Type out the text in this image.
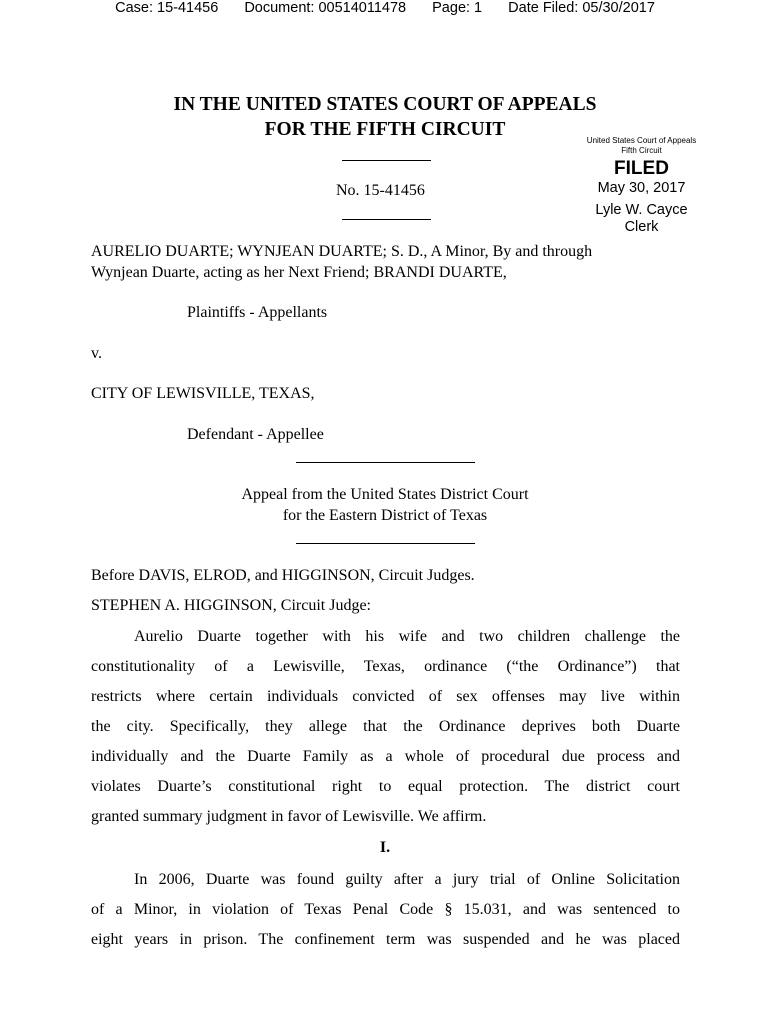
Case: 15-41456 Document: 00514011478 Page: 1 Date Filed: 05/30/2017
IN THE UNITED STATES COURT OF APPEALS
FOR THE FIFTH CIRCUIT
United States Court of Appeals
Fifth Circuit
FILED
May 30, 2017
Lyle W. Cayce
Clerk
No. 15-41456
AURELIO DUARTE; WYNJEAN DUARTE; S. D., A Minor, By and through
Wynjean Duarte, acting as her Next Friend; BRANDI DUARTE,
Plaintiffs - Appellants
v.
CITY OF LEWISVILLE, TEXAS,
Defendant - Appellee
Appeal from the United States District Court
for the Eastern District of Texas
Before DAVIS, ELROD, and HIGGINSON, Circuit Judges.
STEPHEN A. HIGGINSON, Circuit Judge:
Aurelio Duarte together with his wife and two children challenge the
constitutionality of a Lewisville, Texas, ordinance (“the Ordinance”) that
restricts where certain individuals convicted of sex offenses may live within
the city. Specifically, they allege that the Ordinance deprives both Duarte
individually and the Duarte Family as a whole of procedural due process and
violates Duarte’s constitutional right to equal protection. The district court
granted summary judgment in favor of Lewisville. We affirm.
I.
In 2006, Duarte was found guilty after a jury trial of Online Solicitation
of a Minor, in violation of Texas Penal Code § 15.031, and was sentenced to
eight years in prison. The confinement term was suspended and he was placed
